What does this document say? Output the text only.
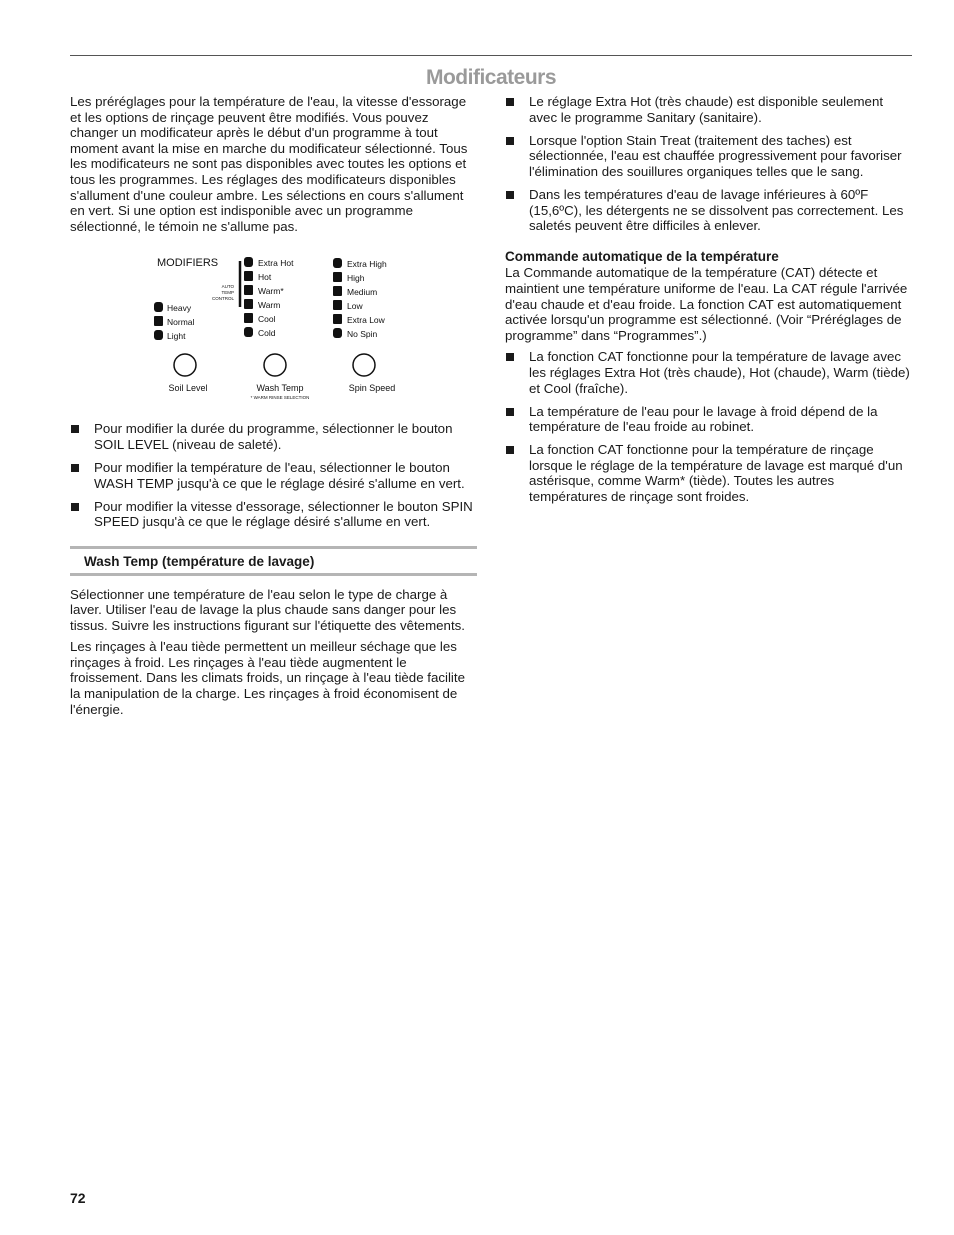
Modificateurs

Les préréglages pour la température de l'eau, la vitesse d'essorage et les options de rinçage peuvent être modifiés. Vous pouvez changer un modificateur après le début d'un programme à tout moment avant la mise en marche du modificateur sélectionné. Tous les modificateurs ne sont pas disponibles avec toutes les options et tous les programmes. Les réglages des modificateurs disponibles s'allument d'une couleur ambre. Les sélections en cours s'allument en vert. Si une option est indisponible avec un programme sélectionné, le témoin ne s'allume pas.

MODIFIERS
AUTO
TEMP
CONTROL
Heavy
Normal
Light
Extra Hot
Hot
Warm*
Warm
Cool
Cold
Extra High
High
Medium
Low
Extra Low
No Spin
Soil Level	Wash Temp	Spin Speed
* WARM RINSE SELECTION
Pour modifier la durée du programme, sélectionner le bouton SOIL LEVEL (niveau de saleté).
Pour modifier la température de l'eau, sélectionner le bouton WASH TEMP jusqu'à ce que le réglage désiré s'allume en vert.
Pour modifier la vitesse d'essorage, sélectionner le bouton SPIN SPEED jusqu'à ce que le réglage désiré s'allume en vert.
Wash Temp (température de lavage)

Sélectionner une température de l'eau selon le type de charge à laver. Utiliser l'eau de lavage la plus chaude sans danger pour les tissus. Suivre les instructions figurant sur l'étiquette des vêtements.

Les rinçages à l'eau tiède permettent un meilleur séchage que les rinçages à froid. Les rinçages à l'eau tiède augmentent le froissement. Dans les climats froids, un rinçage à l'eau tiède facilite la manipulation de la charge. Les rinçages à froid économisent de l'énergie.

Le réglage Extra Hot (très chaude) est disponible seulement avec le programme Sanitary (sanitaire).
Lorsque l'option Stain Treat (traitement des taches) est sélectionnée, l'eau est chauffée progressivement pour favoriser l'élimination des souillures organiques telles que le sang.
Dans les températures d'eau de lavage inférieures à 60ºF (15,6ºC), les détergents ne se dissolvent pas correctement. Les saletés peuvent être difficiles à enlever.
Commande automatique de la température

La Commande automatique de la température (CAT) détecte et maintient une température uniforme de l'eau. La CAT régule l'arrivée d'eau chaude et d'eau froide. La fonction CAT est automatiquement activée lorsqu'un programme est sélectionné. (Voir “Préréglages de programme” dans “Programmes”.)

La fonction CAT fonctionne pour la température de lavage avec les réglages Extra Hot (très chaude), Hot (chaude), Warm (tiède) et Cool (fraîche).
La température de l'eau pour le lavage à froid dépend de la température de l'eau froide au robinet.
La fonction CAT fonctionne pour la température de rinçage lorsque le réglage de la température de lavage est marqué d'un astérisque, comme Warm* (tiède). Toutes les autres températures de rinçage sont froides.
72
